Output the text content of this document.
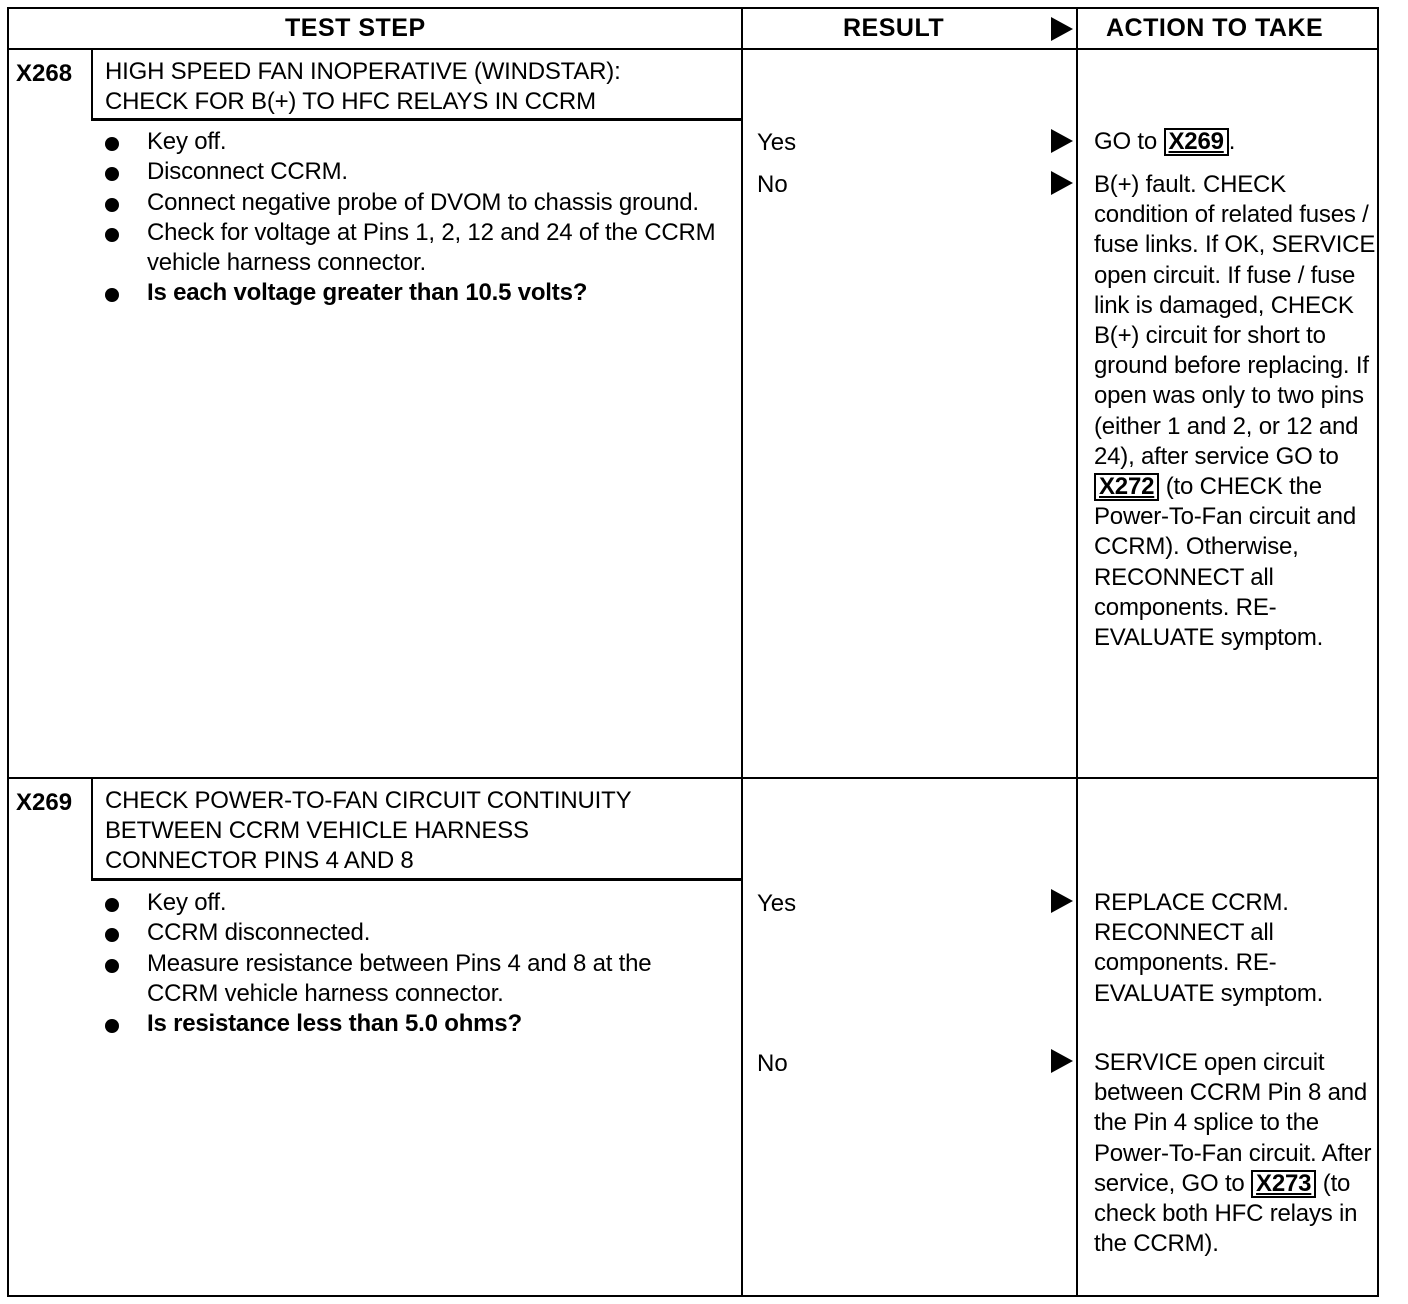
TEST STEP	RESULT	ACTION TO TAKE
X268 HIGH SPEED FAN INOPERATIVE (WINDSTAR):
CHECK FOR B(+) TO HFC RELAYS IN CCRM
Key off.
Disconnect CCRM.
Connect negative probe of DVOM to chassis ground.
Check for voltage at Pins 1, 2, 12 and 24 of the CCRM vehicle harness connector.
Is each voltage greater than 10.5 volts?
Yes	GO to X269 .
No	B(+) fault. CHECK condition of related fuses / fuse links. If OK, SERVICE open circuit. If fuse / fuse link is damaged, CHECK B(+) circuit for short to ground before replacing. If open was only to two pins (either 1 and 2, or 12 and 24), after service GO to X272 (to CHECK the Power-To-Fan circuit and CCRM). Otherwise, RECONNECT all components. RE-EVALUATE symptom.
X269 CHECK POWER-TO-FAN CIRCUIT CONTINUITY
BETWEEN CCRM VEHICLE HARNESS
CONNECTOR PINS 4 AND 8
Key off.
CCRM disconnected.
Measure resistance between Pins 4 and 8 at the CCRM vehicle harness connector.
Is resistance less than 5.0 ohms?
Yes	REPLACE CCRM. RECONNECT all components. RE-EVALUATE symptom.
No	SERVICE open circuit between CCRM Pin 8 and the Pin 4 splice to the Power-To-Fan circuit. After service, GO to X273 (to check both HFC relays in the CCRM).
